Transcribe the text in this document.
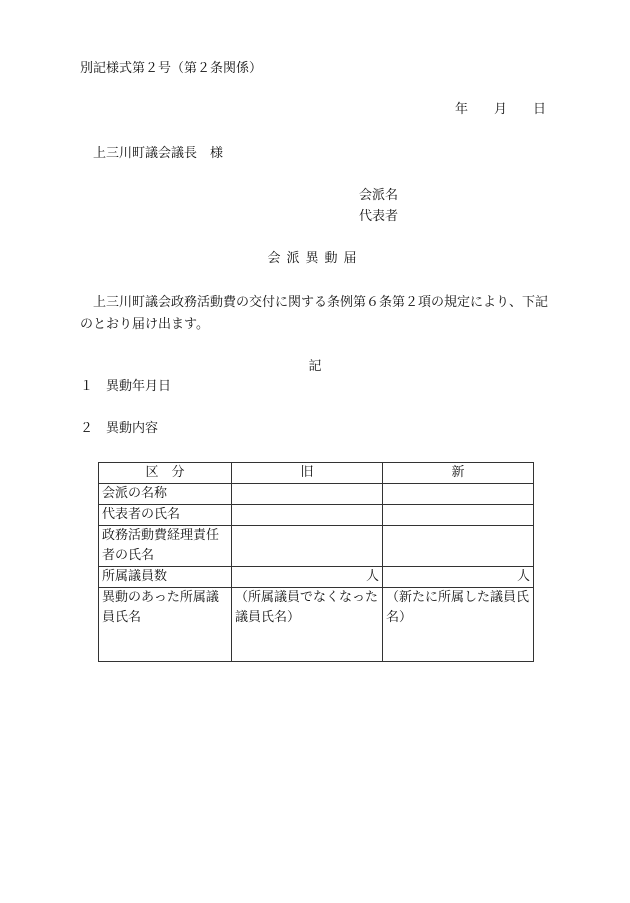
別記様式第２号（第２条関係）
年 月 日
上三川町議会議長　様
会派名
代表者
会派異動届
上三川町議会政務活動費の交付に関する条例第６条第２項の規定により、下記のとおり届け出ます。
記
１ 異動年月日
２ 異動内容
区　分	旧	新
会派の名称		
代表者の氏名		
政務活動費経理責任者の氏名		
所属議員数	人	人
異動のあった所属議員氏名	（所属議員でなくなった議員氏名）	（新たに所属した議員氏名）
